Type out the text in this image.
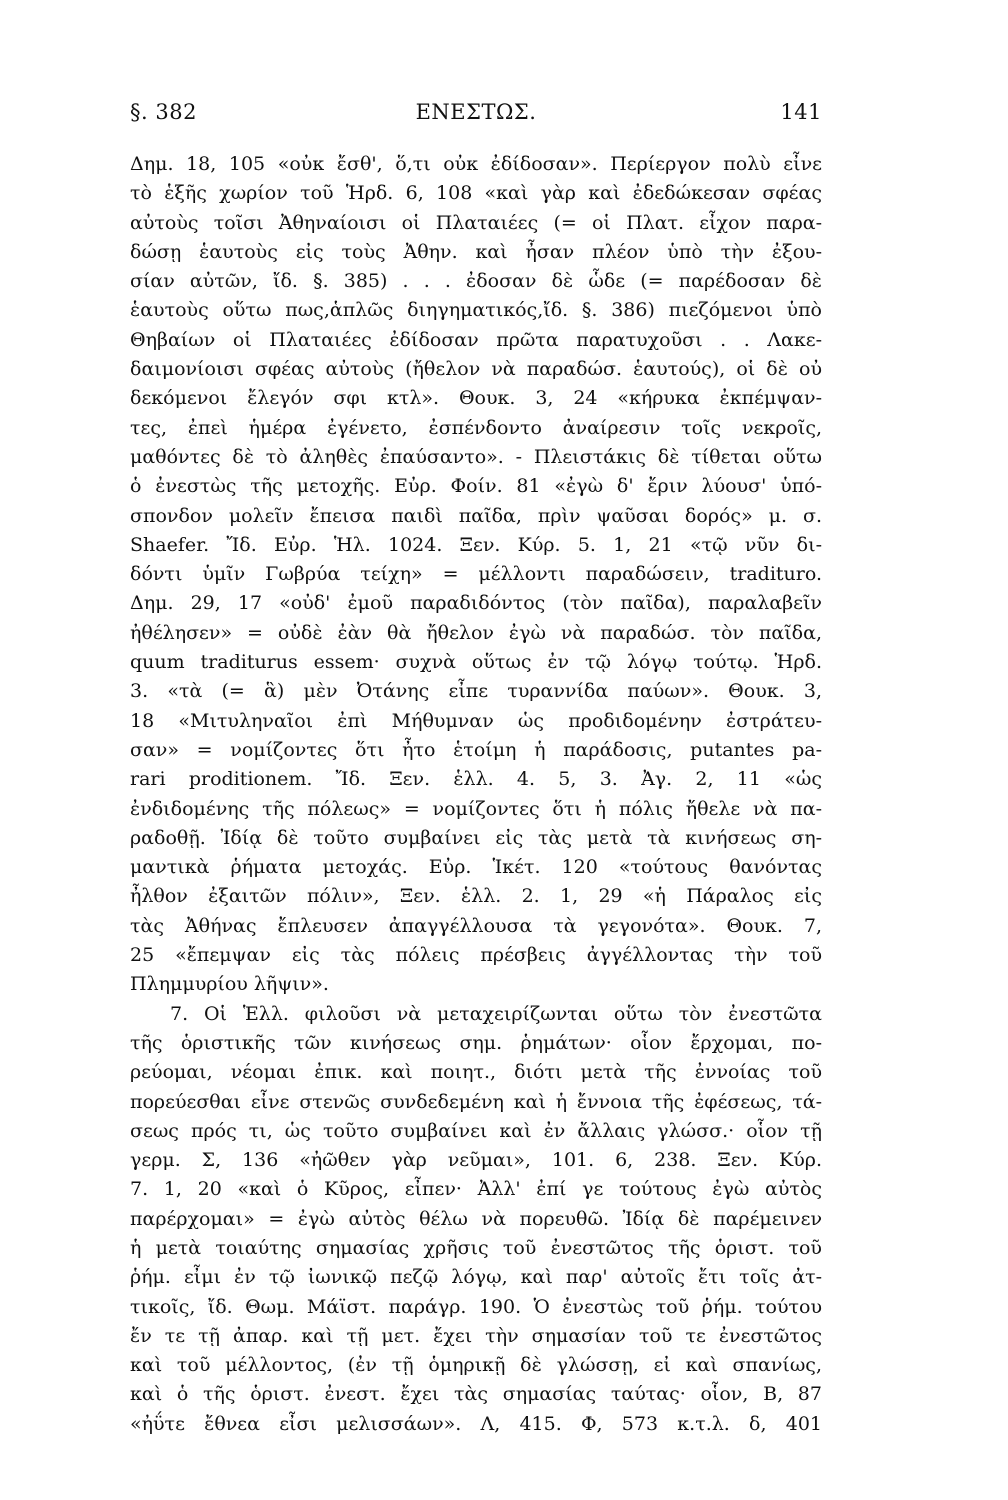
§. 382	ΕΝΕΣΤΩΣ.	141
Δημ. 18, 105 «οὐκ ἔσθ', ὅ,τι οὐκ ἐδίδοσαν». Περίεργον πολὺ εἶνε
τὸ ἑξῆς χωρίον τοῦ Ἡρδ. 6, 108 «καὶ γὰρ καὶ ἐδεδώκεσαν σφέας
αὐτοὺς τοῖσι Ἀθηναίοισι οἱ Πλαταιέες (= οἱ Πλατ. εἶχον παρα-
δώσῃ ἑαυτοὺς εἰς τοὺς Ἀθην. καὶ ἦσαν πλέον ὑπὸ τὴν ἐξου-
σίαν αὐτῶν, ἴδ. §. 385) . . . ἐδοσαν δὲ ὧδε (= παρέδοσαν δὲ
ἑαυτοὺς οὕτω πως,ἁπλῶς διηγηματικός,ἴδ. §. 386) πιεζόμενοι ὑπὸ
Θηβαίων οἱ Πλαταιέες ἐδίδοσαν πρῶτα παρατυχοῦσι . . Λακε-
δαιμονίοισι σφέας αὐτοὺς (ἤθελον νὰ παραδώσ. ἑαυτούς), οἱ δὲ οὐ
δεκόμενοι ἔλεγόν σφι κτλ». Θουκ. 3, 24 «κήρυκα ἐκπέμψαν-
τες, ἐπεὶ ἡμέρα ἐγένετο, ἐσπένδοντο ἀναίρεσιν τοῖς νεκροῖς,
μαθόντες δὲ τὸ ἀληθὲς ἐπαύσαντο». - Πλειστάκις δὲ τίθεται οὕτω
ὁ ἐνεστὼς τῆς μετοχῆς. Εὐρ. Φοίν. 81 «ἐγὼ δ' ἔριν λύουσ' ὑπό-
σπονδον μολεῖν ἔπεισα παιδὶ παῖδα, πρὶν ψαῦσαι δορός» μ. σ.
Shaefer. Ἴδ. Εὐρ. Ἡλ. 1024. Ξεν. Κύρ. 5. 1, 21 «τῷ νῦν δι-
δόντι ὑμῖν Γωβρύα τείχη» = μέλλοντι παραδώσειν, tradituro.
Δημ. 29, 17 «οὐδ' ἐμοῦ παραδιδόντος (τὸν παῖδα), παραλαβεῖν
ἠθέλησεν» = οὐδὲ ἐὰν θὰ ἤθελον ἐγὼ νὰ παραδώσ. τὸν παῖδα,
quum traditurus essem· συχνὰ οὕτως ἐν τῷ λόγῳ τούτῳ. Ἡρδ.
3. «τὰ (= ἃ) μὲν Ὀτάνης εἶπε τυραννίδα παύων». Θουκ. 3,
18 «Μιτυληναῖοι ἐπὶ Μήθυμναν ὡς προδιδομένην ἐστράτευ-
σαν» = νομίζοντες ὅτι ἦτο ἑτοίμη ἡ παράδοσις, putantes pa-
rari proditionem. Ἴδ. Ξεν. ἑλλ. 4. 5, 3. Ἀγ. 2, 11 «ὡς
ἐνδιδομένης τῆς πόλεως» = νομίζοντες ὅτι ἡ πόλις ἤθελε νὰ πα-
ραδοθῇ. Ἰδίᾳ δὲ τοῦτο συμβαίνει εἰς τὰς μετὰ τὰ κινήσεως ση-
μαντικὰ ῥήματα μετοχάς. Εὐρ. Ἱκέτ. 120 «τούτους θανόντας
ἦλθον ἐξαιτῶν πόλιν», Ξεν. ἑλλ. 2. 1, 29 «ἡ Πάραλος εἰς
τὰς Ἀθήνας ἔπλευσεν ἀπαγγέλλουσα τὰ γεγονότα». Θουκ. 7,
25 «ἔπεμψαν εἰς τὰς πόλεις πρέσβεις ἀγγέλλοντας τὴν τοῦ
Πλημμυρίου λῆψιν».
7. Οἱ Ἑλλ. φιλοῦσι νὰ μεταχειρίζωνται οὕτω τὸν ἐνεστῶτα
τῆς ὁριστικῆς τῶν κινήσεως σημ. ῥημάτων· οἷον ἔρχομαι, πο-
ρεύομαι, νέομαι ἐπικ. καὶ ποιητ., διότι μετὰ τῆς ἐννοίας τοῦ
πορεύεσθαι εἶνε στενῶς συνδεδεμένη καὶ ἡ ἔννοια τῆς ἐφέσεως, τά-
σεως πρός τι, ὡς τοῦτο συμβαίνει καὶ ἐν ἄλλαις γλώσσ.· οἷον τῇ
γερμ. Σ, 136 «ἠῶθεν γὰρ νεῦμαι», 101. 6, 238. Ξεν. Κύρ.
7. 1, 20 «καὶ ὁ Κῦρος, εἶπεν· Ἀλλ' ἐπί γε τούτους ἐγὼ αὐτὸς
παρέρχομαι» = ἐγὼ αὐτὸς θέλω νὰ πορευθῶ. Ἰδίᾳ δὲ παρέμεινεν
ἡ μετὰ τοιαύτης σημασίας χρῆσις τοῦ ἐνεστῶτος τῆς ὁριστ. τοῦ
ῥήμ. εἶμι ἐν τῷ ἰωνικῷ πεζῷ λόγῳ, καὶ παρ' αὐτοῖς ἔτι τοῖς ἀτ-
τικοῖς, ἴδ. Θωμ. Μάϊστ. παράγρ. 190. Ὁ ἐνεστὼς τοῦ ῥήμ. τούτου
ἔν τε τῇ ἀπαρ. καὶ τῇ μετ. ἔχει τὴν σημασίαν τοῦ τε ἐνεστῶτος
καὶ τοῦ μέλλοντος, (ἐν τῇ ὁμηρικῇ δὲ γλώσσῃ, εἰ καὶ σπανίως,
καὶ ὁ τῆς ὁριστ. ἐνεστ. ἔχει τὰς σημασίας ταύτας· οἷον, Β, 87
«ἠΰτε ἔθνεα εἶσι μελισσάων». Λ, 415. Φ, 573 κ.τ.λ. δ, 401
